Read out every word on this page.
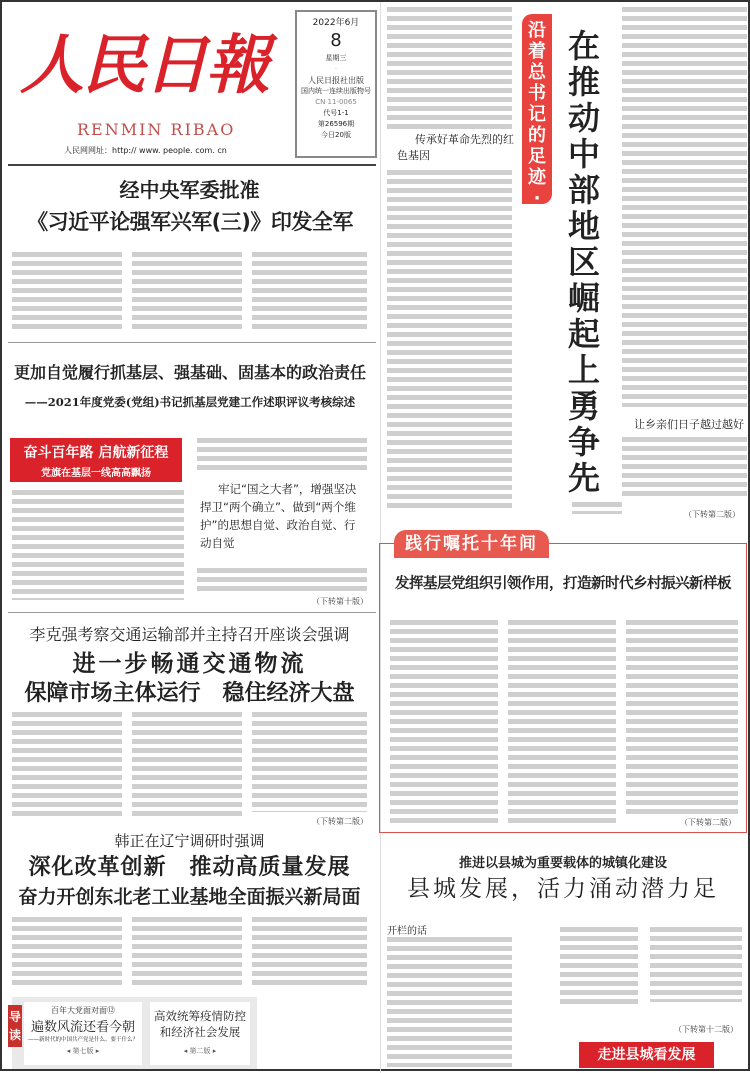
人民日報
RENMIN RIBAO
人民网网址：http:// www. people. com. cn
2022年6月
8
星期三
·
人民日报社出版
国内统一连续出版物号
CN 11-0065
代号1-1
第26596期
今日20版
经中央军委批准
《习近平论强军兴军(三)》印发全军
更加自觉履行抓基层、强基础、固基本的政治责任
——2021年度党委(党组)书记抓基层党建工作述职评议考核综述
奋斗百年路 启航新征程
党旗在基层一线高高飘扬
牢记“国之大者”，增强坚决捍卫“两个确立”、做到“两个维护”的思想自觉、政治自觉、行动自觉
（下转第十版）
李克强考察交通运输部并主持召开座谈会强调
进一步畅通交通物流
保障市场主体运行　稳住经济大盘
（下转第二版）
韩正在辽宁调研时强调
深化改革创新　推动高质量发展
奋力开创东北老工业基地全面振兴新局面
导读
百年大党面对面⑫
遍数风流还看今朝
——新时代的中国共产党是什么、要干什么？
◂ 第七版 ▸
高效统筹疫情防控
和经济社会发展
◂ 第二版 ▸
传承好革命先烈的红色基因
沿着总书记的足迹·江西篇
在推动中部地区崛起上勇争先
让乡亲们日子越过越好
（下转第二版）
践行嘱托十年间
发挥基层党组织引领作用，打造新时代乡村振兴新样板
（下转第二版）
推进以县城为重要载体的城镇化建设
县城发展，活力涌动潜力足
开栏的话
（下转第十二版）
走进县城看发展
